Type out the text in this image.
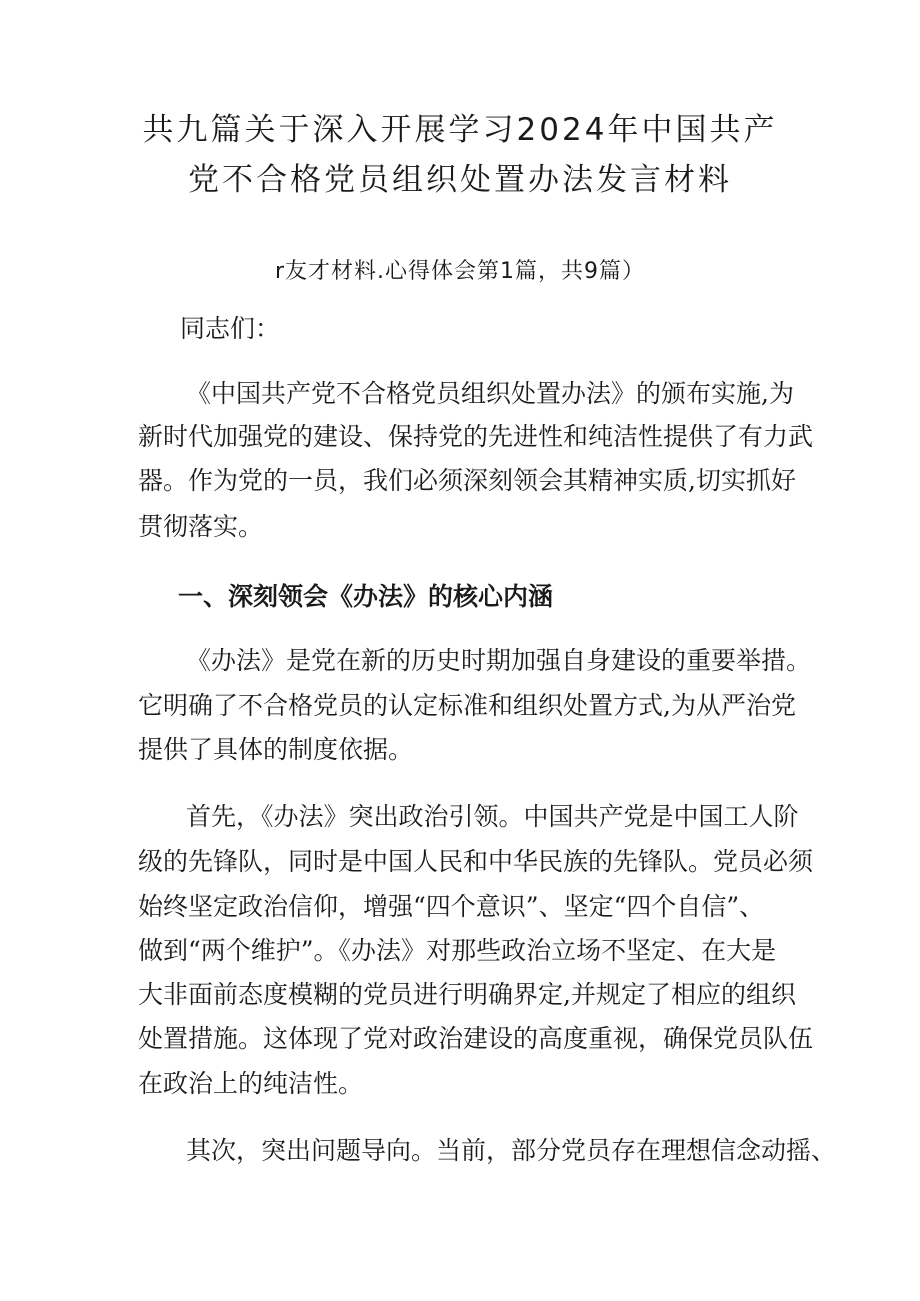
共九篇关于深入开展学习2024年中国共产
党不合格党员组织处置办法发言材料

r友才材料.心得体会第1篇，共9篇）

同志们：

《中国共产党不合格党员组织处置办法》的颁布实施,为

新时代加强党的建设、保持党的先进性和纯洁性提供了有力武

器。作为党的一员，我们必须深刻领会其精神实质,切实抓好

贯彻落实。

一、深刻领会《办法》的核心内涵

《办法》是党在新的历史时期加强自身建设的重要举措。

它明确了不合格党员的认定标准和组织处置方式,为从严治党

提供了具体的制度依据。

首先，《办法》突出政治引领。中国共产党是中国工人阶

级的先锋队，同时是中国人民和中华民族的先锋队。党员必须

始终坚定政治信仰，增强“四个意识”、坚定“四个自信”、

做到“两个维护”。《办法》对那些政治立场不坚定、在大是

大非面前态度模糊的党员进行明确界定,并规定了相应的组织

处置措施。这体现了党对政治建设的高度重视，确保党员队伍

在政治上的纯洁性。

其次，突出问题导向。当前，部分党员存在理想信念动摇、
